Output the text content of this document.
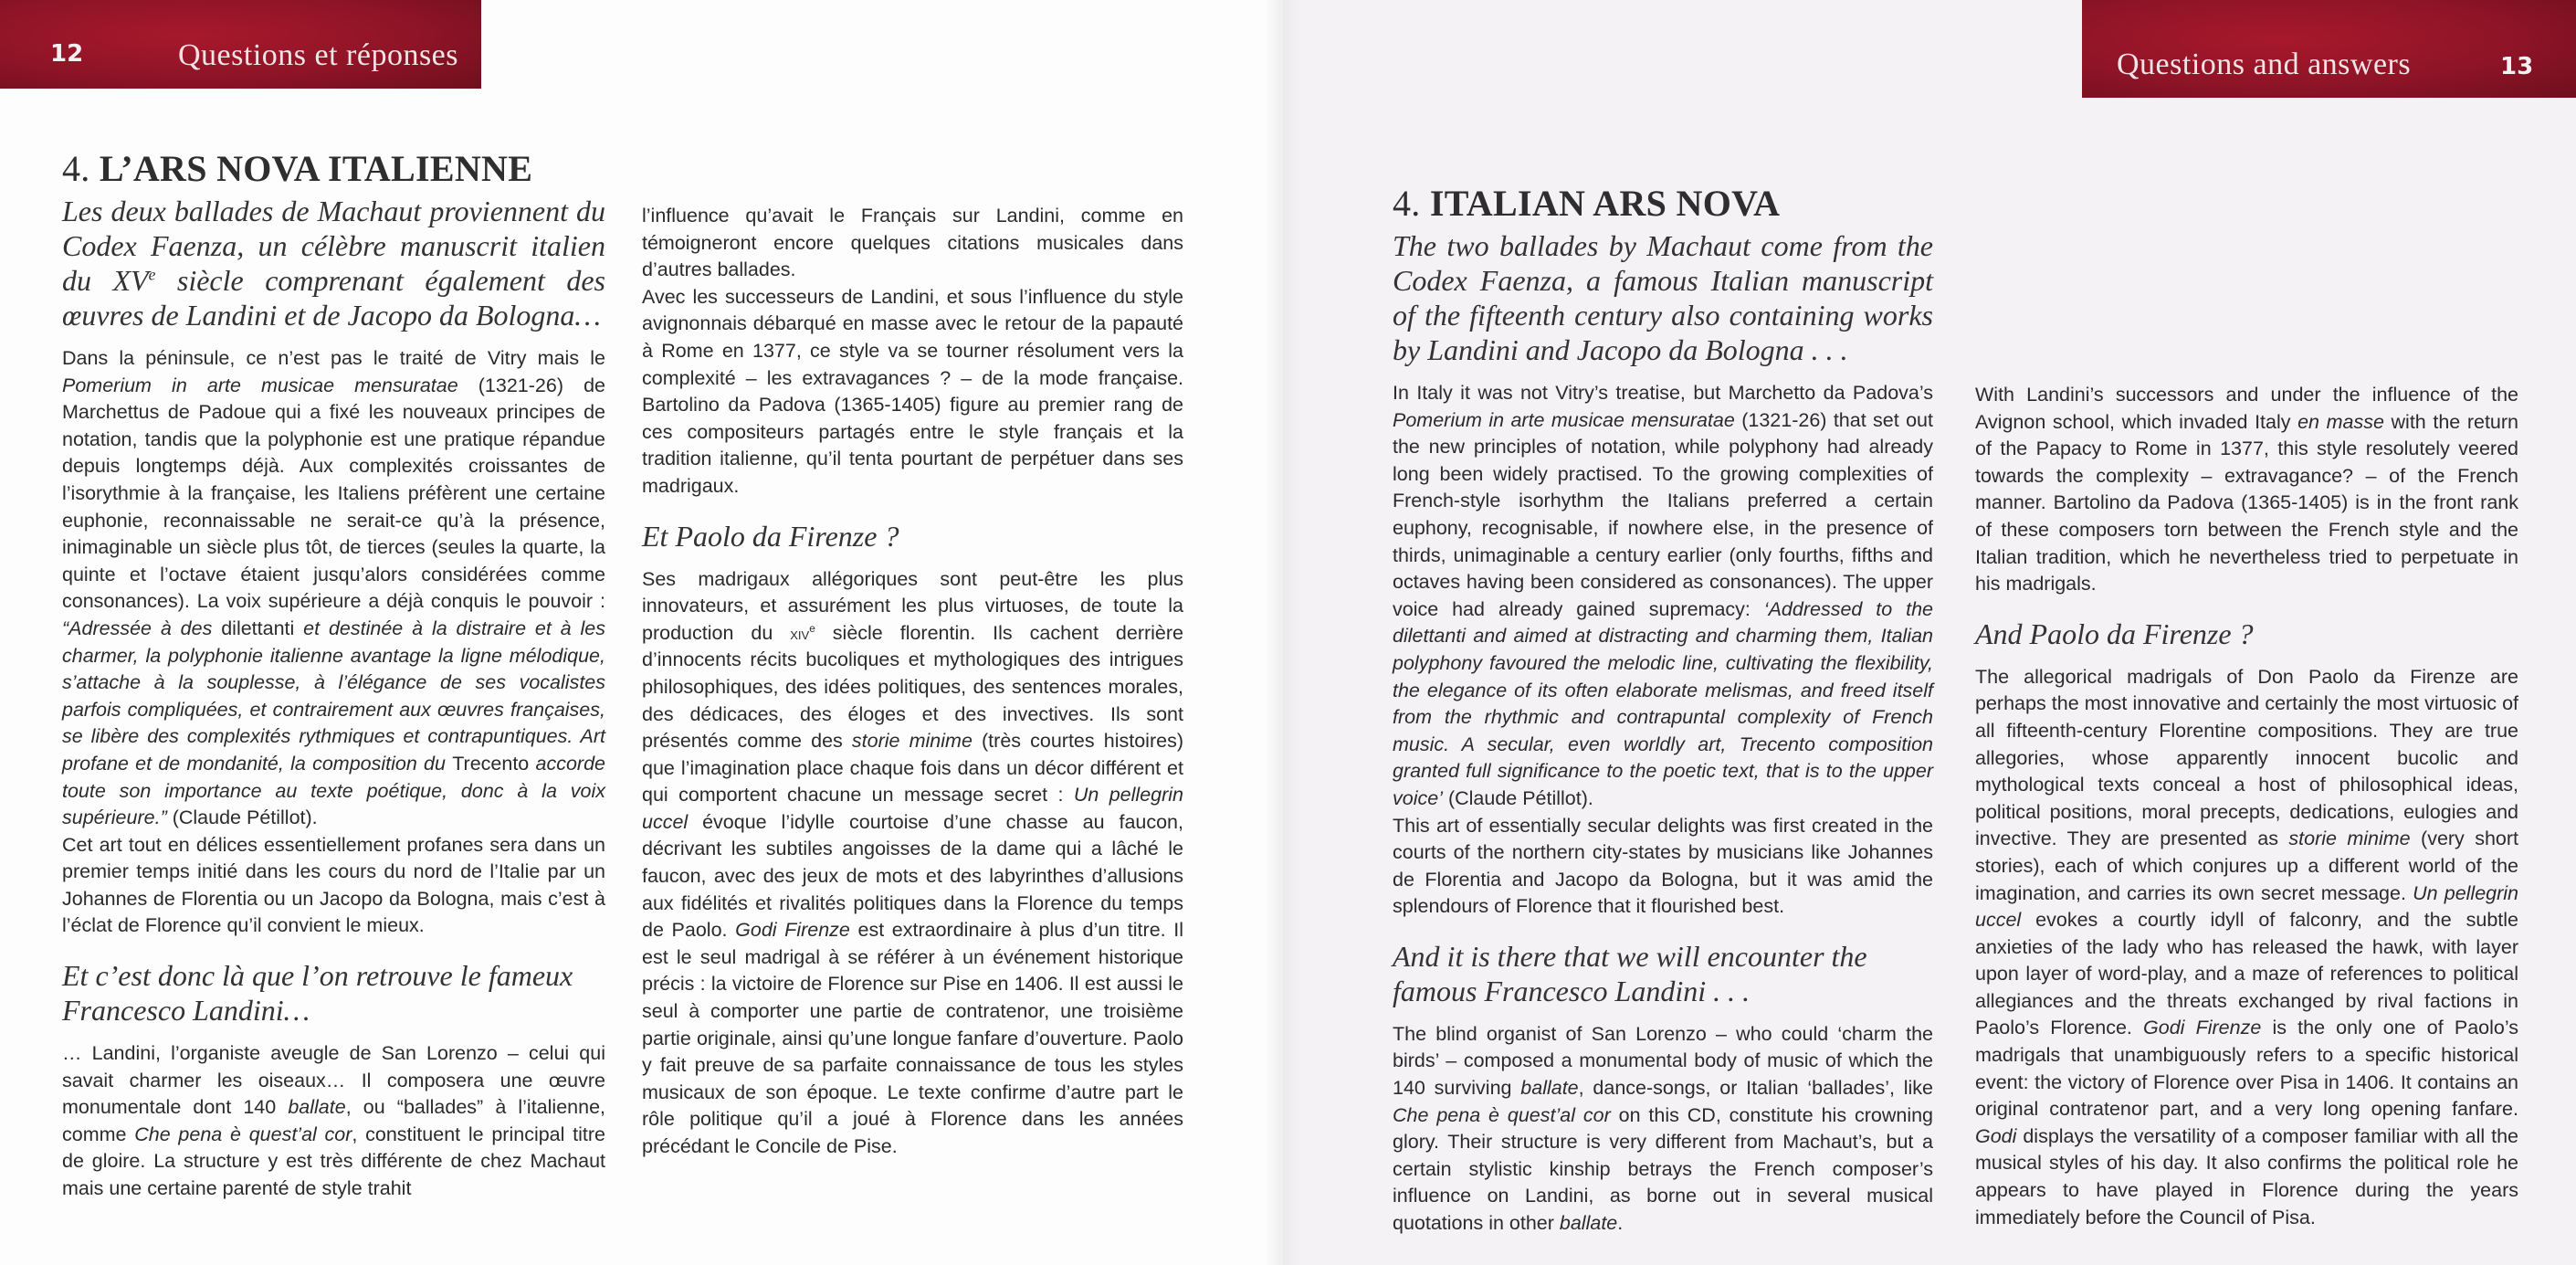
12	Questions et réponses	Questions and answers	13
4. L’ARS NOVA ITALIENNE
Les deux ballades de Machaut proviennent du Codex Faenza, un célèbre manuscrit italien du XVe siècle comprenant également des œuvres de Landini et de Jacopo da Bologna…

Dans la péninsule, ce n’est pas le traité de Vitry mais le Pomerium in arte musicae mensuratae (1321-26) de Marchettus de Padoue qui a fixé les nouveaux principes de notation, tandis que la polyphonie est une pratique répandue depuis longtemps déjà. Aux complexités croissantes de l’isorythmie à la française, les Italiens préfèrent une certaine euphonie, reconnaissable ne serait-ce qu’à la présence, inimaginable un siècle plus tôt, de tierces (seules la quarte, la quinte et l’octave étaient jusqu’alors considérées comme consonances). La voix supérieure a déjà conquis le pouvoir : “Adressée à des dilettanti et destinée à la distraire et à les charmer, la polyphonie italienne avantage la ligne mélodique, s’attache à la souplesse, à l’élégance de ses vocalistes parfois compliquées, et contrairement aux œuvres françaises, se libère des complexités rythmiques et contrapuntiques. Art profane et de mondanité, la composition du Trecento accorde toute son importance au texte poétique, donc à la voix supérieure.” (Claude Pétillot).

Cet art tout en délices essentiellement profanes sera dans un premier temps initié dans les cours du nord de l’Italie par un Johannes de Florentia ou un Jacopo da Bologna, mais c’est à l’éclat de Florence qu’il convient le mieux.

Et c’est donc là que l’on retrouve le fameux Francesco Landini…

… Landini, l’organiste aveugle de San Lorenzo – celui qui savait charmer les oiseaux… Il composera une œuvre monumentale dont 140 ballate, ou “ballades” à l’italienne, comme Che pena è quest’al cor, constituent le principal titre de gloire. La structure y est très différente de chez Machaut mais une certaine parenté de style trahit

l’influence qu’avait le Français sur Landini, comme en témoigneront encore quelques citations musicales dans d’autres ballades.

Avec les successeurs de Landini, et sous l’influence du style avignonnais débarqué en masse avec le retour de la papauté à Rome en 1377, ce style va se tourner résolument vers la complexité – les extravagances ? – de la mode française. Bartolino da Padova (1365-1405) figure au premier rang de ces compositeurs partagés entre le style français et la tradition italienne, qu’il tenta pourtant de perpétuer dans ses madrigaux.

Et Paolo da Firenze ?

Ses madrigaux allégoriques sont peut-être les plus innovateurs, et assurément les plus virtuoses, de toute la production du xiv$^e$ siècle florentin. Ils cachent derrière d’innocents récits bucoliques et mythologiques des intrigues philosophiques, des idées politiques, des sentences morales, des dédicaces, des éloges et des invectives. Ils sont présentés comme des storie minime (très courtes histoires) que l’imagination place chaque fois dans un décor différent et qui comportent chacune un message secret : Un pellegrin uccel évoque l’idylle courtoise d’une chasse au faucon, décrivant les subtiles angoisses de la dame qui a lâché le faucon, avec des jeux de mots et des labyrinthes d’allusions aux fidélités et rivalités politiques dans la Florence du temps de Paolo. Godi Firenze est extraordinaire à plus d’un titre. Il est le seul madrigal à se référer à un événement historique précis : la victoire de Florence sur Pise en 1406. Il est aussi le seul à comporter une partie de contratenor, une troisième partie originale, ainsi qu’une longue fanfare d’ouverture. Paolo y fait preuve de sa parfaite connaissance de tous les styles musicaux de son époque. Le texte confirme d’autre part le rôle politique qu’il a joué à Florence dans les années précédant le Concile de Pise.

4. ITALIAN ARS NOVA
The two ballades by Machaut come from the Codex Faenza, a famous Italian manuscript of the fifteenth century also containing works by Landini and Jacopo da Bologna . . .

In Italy it was not Vitry’s treatise, but Marchetto da Padova’s Pomerium in arte musicae mensuratae (1321-26) that set out the new principles of notation, while polyphony had already long been widely practised. To the growing complexities of French-style isorhythm the Italians preferred a certain euphony, recognisable, if nowhere else, in the presence of thirds, unimaginable a century earlier (only fourths, fifths and octaves having been considered as consonances). The upper voice had already gained supremacy: ‘Addressed to the dilettanti and aimed at distracting and charming them, Italian polyphony favoured the melodic line, cultivating the flexibility, the elegance of its often elaborate melismas, and freed itself from the rhythmic and contrapuntal complexity of French music. A secular, even worldly art, Trecento composition granted full significance to the poetic text, that is to the upper voice’ (Claude Pétillot).

This art of essentially secular delights was first created in the courts of the northern city-states by musicians like Johannes de Florentia and Jacopo da Bologna, but it was amid the splendours of Florence that it flourished best.

And it is there that we will encounter the famous Francesco Landini . . .

The blind organist of San Lorenzo – who could ‘charm the birds’ – composed a monumental body of music of which the 140 surviving ballate, dance-songs, or Italian ‘ballades’, like Che pena è quest’al cor on this CD, constitute his crowning glory. Their structure is very different from Machaut’s, but a certain stylistic kinship betrays the French composer’s influence on Landini, as borne out in several musical quotations in other ballate.

With Landini’s successors and under the influence of the Avignon school, which invaded Italy en masse with the return of the Papacy to Rome in 1377, this style resolutely veered towards the complexity – extravagance? – of the French manner. Bartolino da Padova (1365-1405) is in the front rank of these composers torn between the French style and the Italian tradition, which he nevertheless tried to perpetuate in his madrigals.

And Paolo da Firenze ?

The allegorical madrigals of Don Paolo da Firenze are perhaps the most innovative and certainly the most virtuosic of all fifteenth-century Florentine compositions. They are true allegories, whose apparently innocent bucolic and mythological texts conceal a host of philosophical ideas, political positions, moral precepts, dedications, eulogies and invective. They are presented as storie minime (very short stories), each of which conjures up a different world of the imagination, and carries its own secret message. Un pellegrin uccel evokes a courtly idyll of falconry, and the subtle anxieties of the lady who has released the hawk, with layer upon layer of word-play, and a maze of references to political allegiances and the threats exchanged by rival factions in Paolo’s Florence. Godi Firenze is the only one of Paolo’s madrigals that unambiguously refers to a specific historical event: the victory of Florence over Pisa in 1406. It contains an original contratenor part, and a very long opening fanfare. Godi displays the versatility of a composer familiar with all the musical styles of his day. It also confirms the political role he appears to have played in Florence during the years immediately before the Council of Pisa.
